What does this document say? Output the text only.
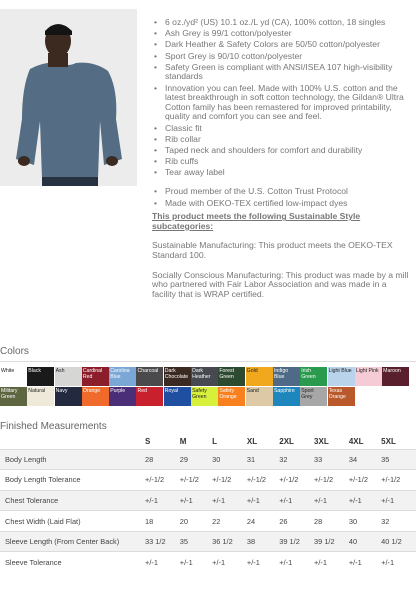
• 6 oz./yd² (US) 10.1 oz./L yd (CA), 100% cotton, 18 singles
• Ash Grey is 99/1 cotton/polyester
• Dark Heather & Safety Colors are 50/50 cotton/polyester
• Sport Grey is 90/10 cotton/polyester
• Safety Green is compliant with ANSI/ISEA 107 high-visibility standards
• Innovation you can feel. Made with 100% U.S. cotton and the latest breakthrough in soft cotton technology, the Gildan® Ultra Cotton family has been remastered for improved printability, quality and comfort you can see and feel.
• Classic fit
• Rib collar
• Taped neck and shoulders for comfort and durability
• Rib cuffs
• Tear away label
• Proud member of the U.S. Cotton Trust Protocol
• Made with OEKO-TEX certified low-impact dyes
This product meets the following Sustainable Style subcategories:
Sustainable Manufacturing: This product meets the OEKO-TEX Standard 100.
Socially Conscious Manufacturing: This product was made by a mill who partnered with Fair Labor Association and was made in a facility that is WRAP certified.
Colors
White	Black	Ash	Cardinal Red
Carolina Blue
Charcoal	Dark Chocolate
Dark Heather
Forest Green
Gold	Indigo Blue
Irish Green
Light Blue Light Pink Maroon
Military Green
Natural	Navy	Orange	Purple	Red	Royal	Safety Green
Safety Orange
Sand	Sapphire	Sport Grey
Texas Orange
Finished Measurements
	S	M	L	XL	2XL	3XL	4XL	5XL
Body Length	28	29	30	31	32	33	34	35
Body Length Tolerance	+/-1/2	+/-1/2	+/-1/2	+/-1/2	+/-1/2	+/-1/2	+/-1/2	+/-1/2
Chest Tolerance	+/-1	+/-1	+/-1	+/-1	+/-1	+/-1	+/-1	+/-1
Chest Width (Laid Flat)	18	20	22	24	26	28	30	32
Sleeve Length (From Center Back)	33 1/2	35	36 1/2	38	39 1/2	39 1/2	40	40 1/2
Sleeve Tolerance	+/-1	+/-1	+/-1	+/-1	+/-1	+/-1	+/-1	+/-1
